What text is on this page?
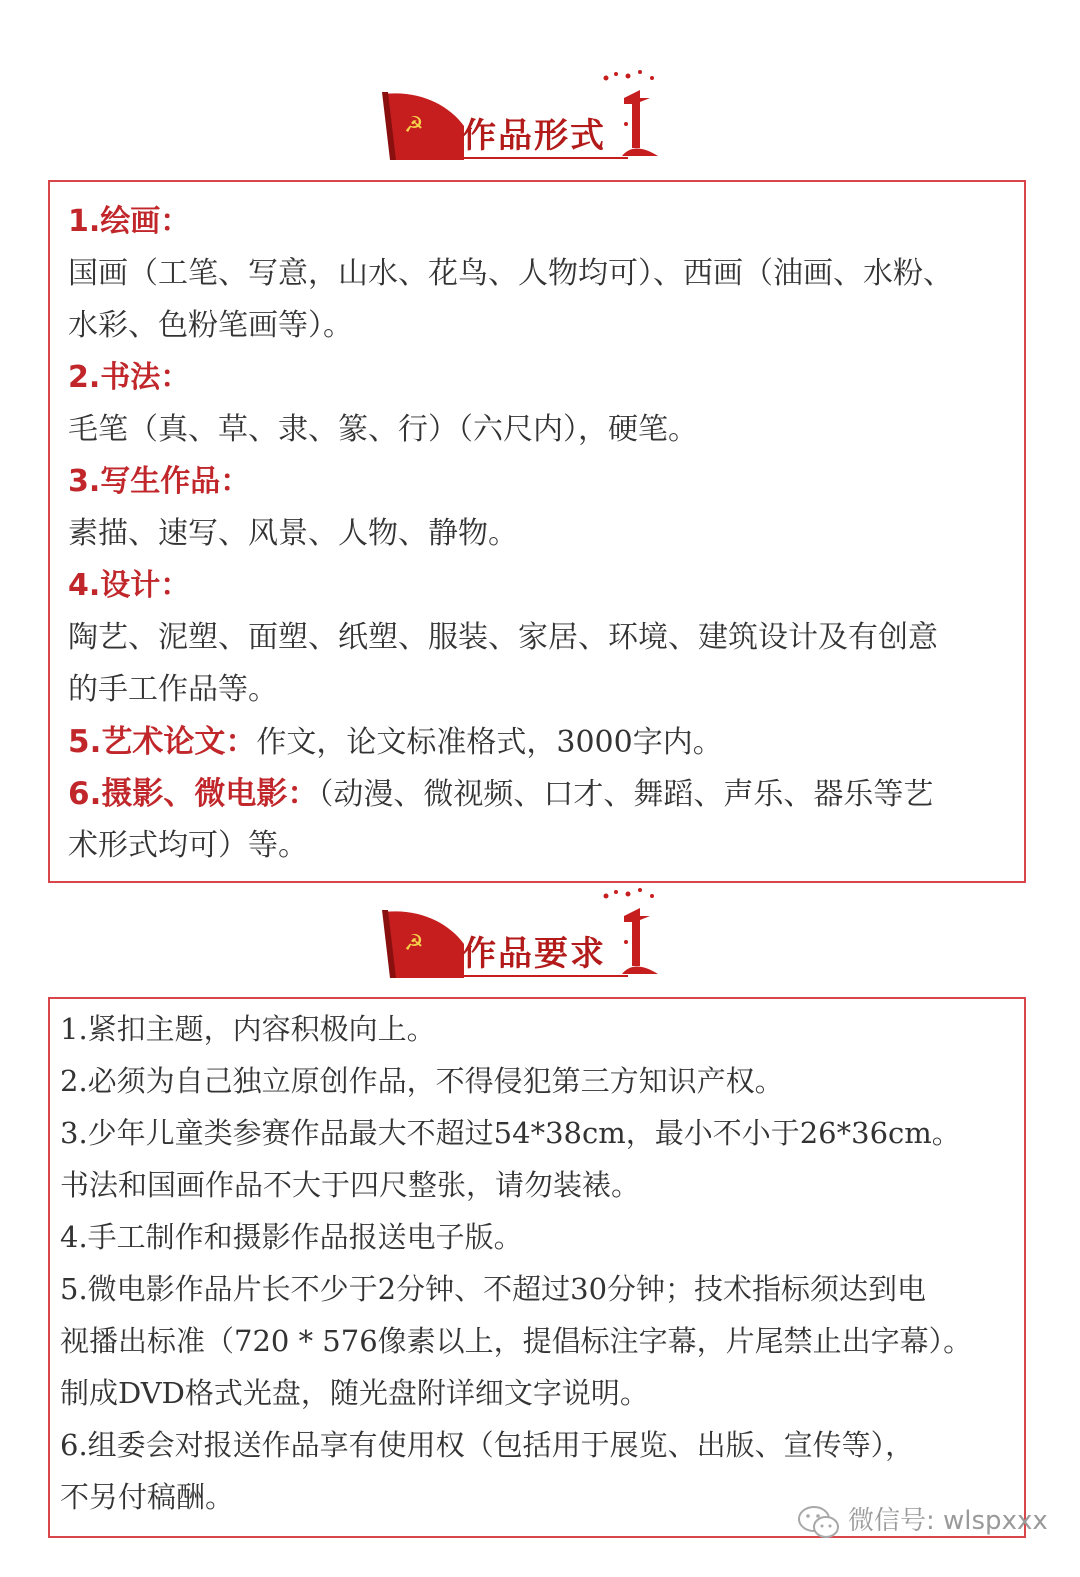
☭ 作品形式
1.绘画：
国画（工笔、写意，山水、花鸟、人物均可）、西画（油画、水粉、
水彩、色粉笔画等）。
2.书法：
毛笔（真、草、隶、篆、行）（六尺内），硬笔。
3.写生作品：
素描、速写、风景、人物、静物。
4.设计：
陶艺、泥塑、面塑、纸塑、服装、家居、环境、建筑设计及有创意
的手工作品等。
5.艺术论文：作文，论文标准格式，3000字内。
6.摄影、微电影：（动漫、微视频、口才、舞蹈、声乐、器乐等艺
术形式均可）等。
☭ 作品要求
1.紧扣主题，内容积极向上。
2.必须为自己独立原创作品，不得侵犯第三方知识产权。
3.少年儿童类参赛作品最大不超过54*38cm，最小不小于26*36cm。
书法和国画作品不大于四尺整张，请勿装裱。
4.手工制作和摄影作品报送电子版。
5.微电影作品片长不少于2分钟、不超过30分钟；技术指标须达到电
视播出标准（720 * 576像素以上，提倡标注字幕，片尾禁止出字幕）。
制成DVD格式光盘，随光盘附详细文字说明。
6.组委会对报送作品享有使用权（包括用于展览、出版、宣传等），
不另付稿酬。
微信号: wlspxxx
